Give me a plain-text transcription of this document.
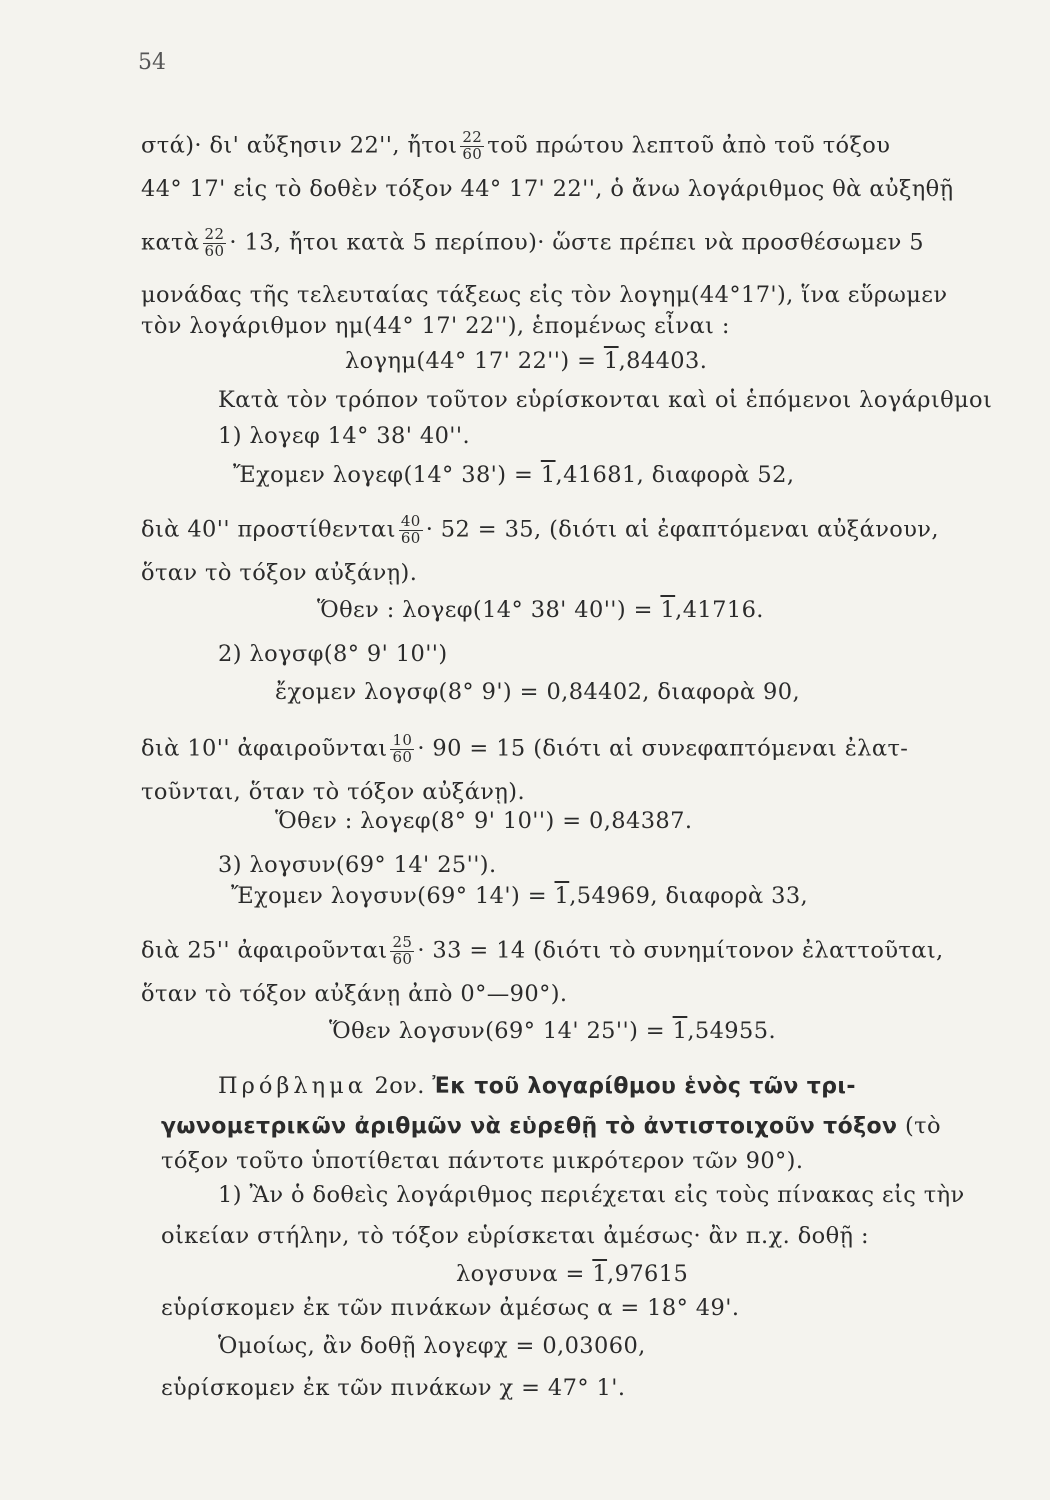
54
στά)· δι' αὔξησιν 22'', ἤτοι $\frac{22}{60}$ τοῦ πρώτου λεπτοῦ ἀπὸ τοῦ τόξου
44° 17' εἰς τὸ δοθὲν τόξον 44° 17' 22'', ὁ ἄνω λογάριθμος θὰ αὐξηθῇ
κατὰ $\frac{22}{60} \cdot 13$, ἤτοι κατὰ 5 περίπου)· ὥστε πρέπει νὰ προσθέσωμεν 5
μονάδας τῆς τελευταίας τάξεως εἰς τὸν λογημ(44°17'), ἵνα εὕρωμεν
τὸν λογάριθμον ημ(44° 17' 22''), ἑπομένως εἶναι :
λογημ(44° 17' 22'') = 1,84403.
Κατὰ τὸν τρόπον τοῦτον εὑρίσκονται καὶ οἱ ἑπόμενοι λογάριθμοι
1) λογεφ 14° 38' 40''.
Ἔχομεν λογεφ(14° 38') = 1,41681, διαφορὰ 52,
διὰ 40'' προστίθενται $\frac{40}{60} \cdot 52 = 35$, (διότι αἱ ἐφαπτόμεναι αὐξάνουν,
ὅταν τὸ τόξον αὐξάνῃ).
Ὅθεν : λογεφ(14° 38' 40'') = 1,41716.
2) λογσφ(8° 9' 10'')
ἔχομεν λογσφ(8° 9') = 0,84402, διαφορὰ 90,
διὰ 10'' ἀφαιροῦνται $\frac{10}{60} \cdot 90 = 15$ (διότι αἱ συνεφαπτόμεναι ἐλατ-
τοῦνται, ὅταν τὸ τόξον αὐξάνῃ).
Ὅθεν : λογεφ(8° 9' 10'') = 0,84387.
3) λογσυν(69° 14' 25'').
Ἔχομεν λογσυν(69° 14') = 1,54969, διαφορὰ 33,
διὰ 25'' ἀφαιροῦνται $\frac{25}{60} \cdot 33 = 14$ (διότι τὸ συνημίτονον ἐλαττοῦται,
ὅταν τὸ τόξον αὐξάνῃ ἀπὸ 0°—90°).
Ὅθεν λογσυν(69° 14' 25'') = 1,54955.
Πρόβλημα 2ον. Ἐκ τοῦ λογαρίθμου ἑνὸς τῶν τρι-
γωνομετρικῶν ἀριθμῶν νὰ εὑρεθῇ τὸ ἀντιστοιχοῦν τόξον (τὸ
τόξον τοῦτο ὑποτίθεται πάντοτε μικρότερον τῶν 90°).
1) Ἂν ὁ δοθεὶς λογάριθμος περιέχεται εἰς τοὺς πίνακας εἰς τὴν
οἰκείαν στήλην, τὸ τόξον εὑρίσκεται ἀμέσως· ἂν π.χ. δοθῇ :
λογσυνα = 1,97615
εὑρίσκομεν ἐκ τῶν πινάκων ἀμέσως α = 18° 49'.
Ὁμοίως, ἂν δοθῇ λογεφχ = 0,03060,
εὑρίσκομεν ἐκ τῶν πινάκων χ = 47° 1'.
